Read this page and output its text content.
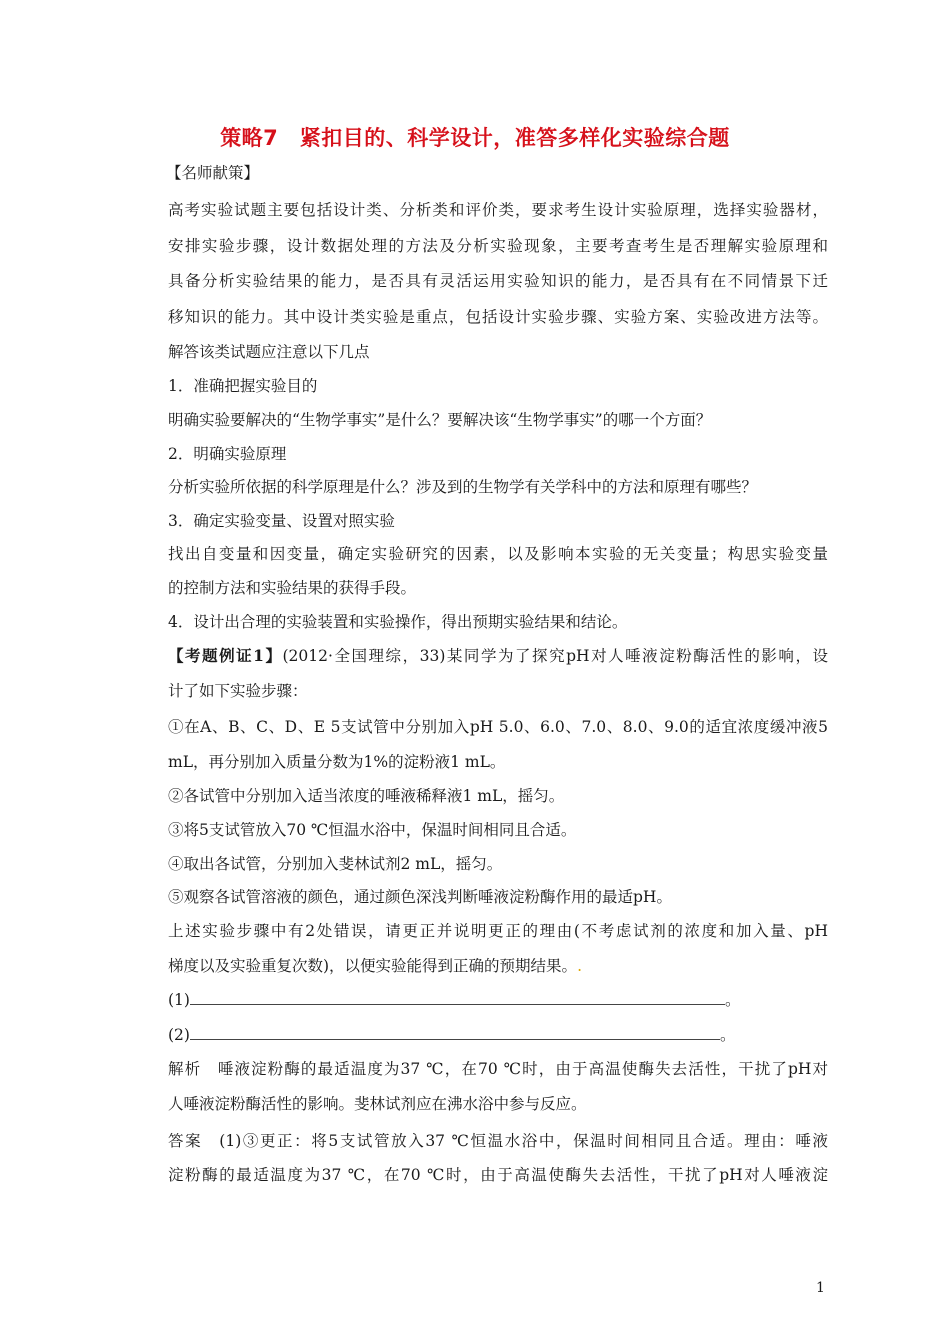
策略7　紧扣目的、科学设计，准答多样化实验综合题
【名师献策】
高考实验试题主要包括设计类、分析类和评价类，要求考生设计实验原理，选择实验器材，
安排实验步骤，设计数据处理的方法及分析实验现象，主要考查考生是否理解实验原理和
具备分析实验结果的能力，是否具有灵活运用实验知识的能力，是否具有在不同情景下迁
移知识的能力。其中设计类实验是重点，包括设计实验步骤、实验方案、实验改进方法等。
解答该类试题应注意以下几点
1．准确把握实验目的
明确实验要解决的“生物学事实”是什么？要解决该“生物学事实”的哪一个方面？
2．明确实验原理
分析实验所依据的科学原理是什么？涉及到的生物学有关学科中的方法和原理有哪些？
3．确定实验变量、设置对照实验
找出自变量和因变量，确定实验研究的因素，以及影响本实验的无关变量；构思实验变量
的控制方法和实验结果的获得手段。
4．设计出合理的实验装置和实验操作，得出预期实验结果和结论。
【考题例证1】(2012·全国理综，33)某同学为了探究pH对人唾液淀粉酶活性的影响，设
计了如下实验步骤：
①在A、B、C、D、E 5支试管中分别加入pH 5.0、6.0、7.0、8.0、9.0的适宜浓度缓冲液5
mL，再分别加入质量分数为1%的淀粉液1 mL。
②各试管中分别加入适当浓度的唾液稀释液1 mL，摇匀。
③将5支试管放入70 ℃恒温水浴中，保温时间相同且合适。
④取出各试管，分别加入斐林试剂2 mL，摇匀。
⑤观察各试管溶液的颜色，通过颜色深浅判断唾液淀粉酶作用的最适pH。
上述实验步骤中有2处错误，请更正并说明更正的理由(不考虑试剂的浓度和加入量、pH
梯度以及实验重复次数)，以便实验能得到正确的预期结果。.
(1)	。
(2)	。
解析　唾液淀粉酶的最适温度为37 ℃，在70 ℃时，由于高温使酶失去活性，干扰了pH对
人唾液淀粉酶活性的影响。斐林试剂应在沸水浴中参与反应。
答案　(1)③更正：将5支试管放入37 ℃恒温水浴中，保温时间相同且合适。理由：唾液
淀粉酶的最适温度为37 ℃，在70 ℃时，由于高温使酶失去活性，干扰了pH对人唾液淀
1
